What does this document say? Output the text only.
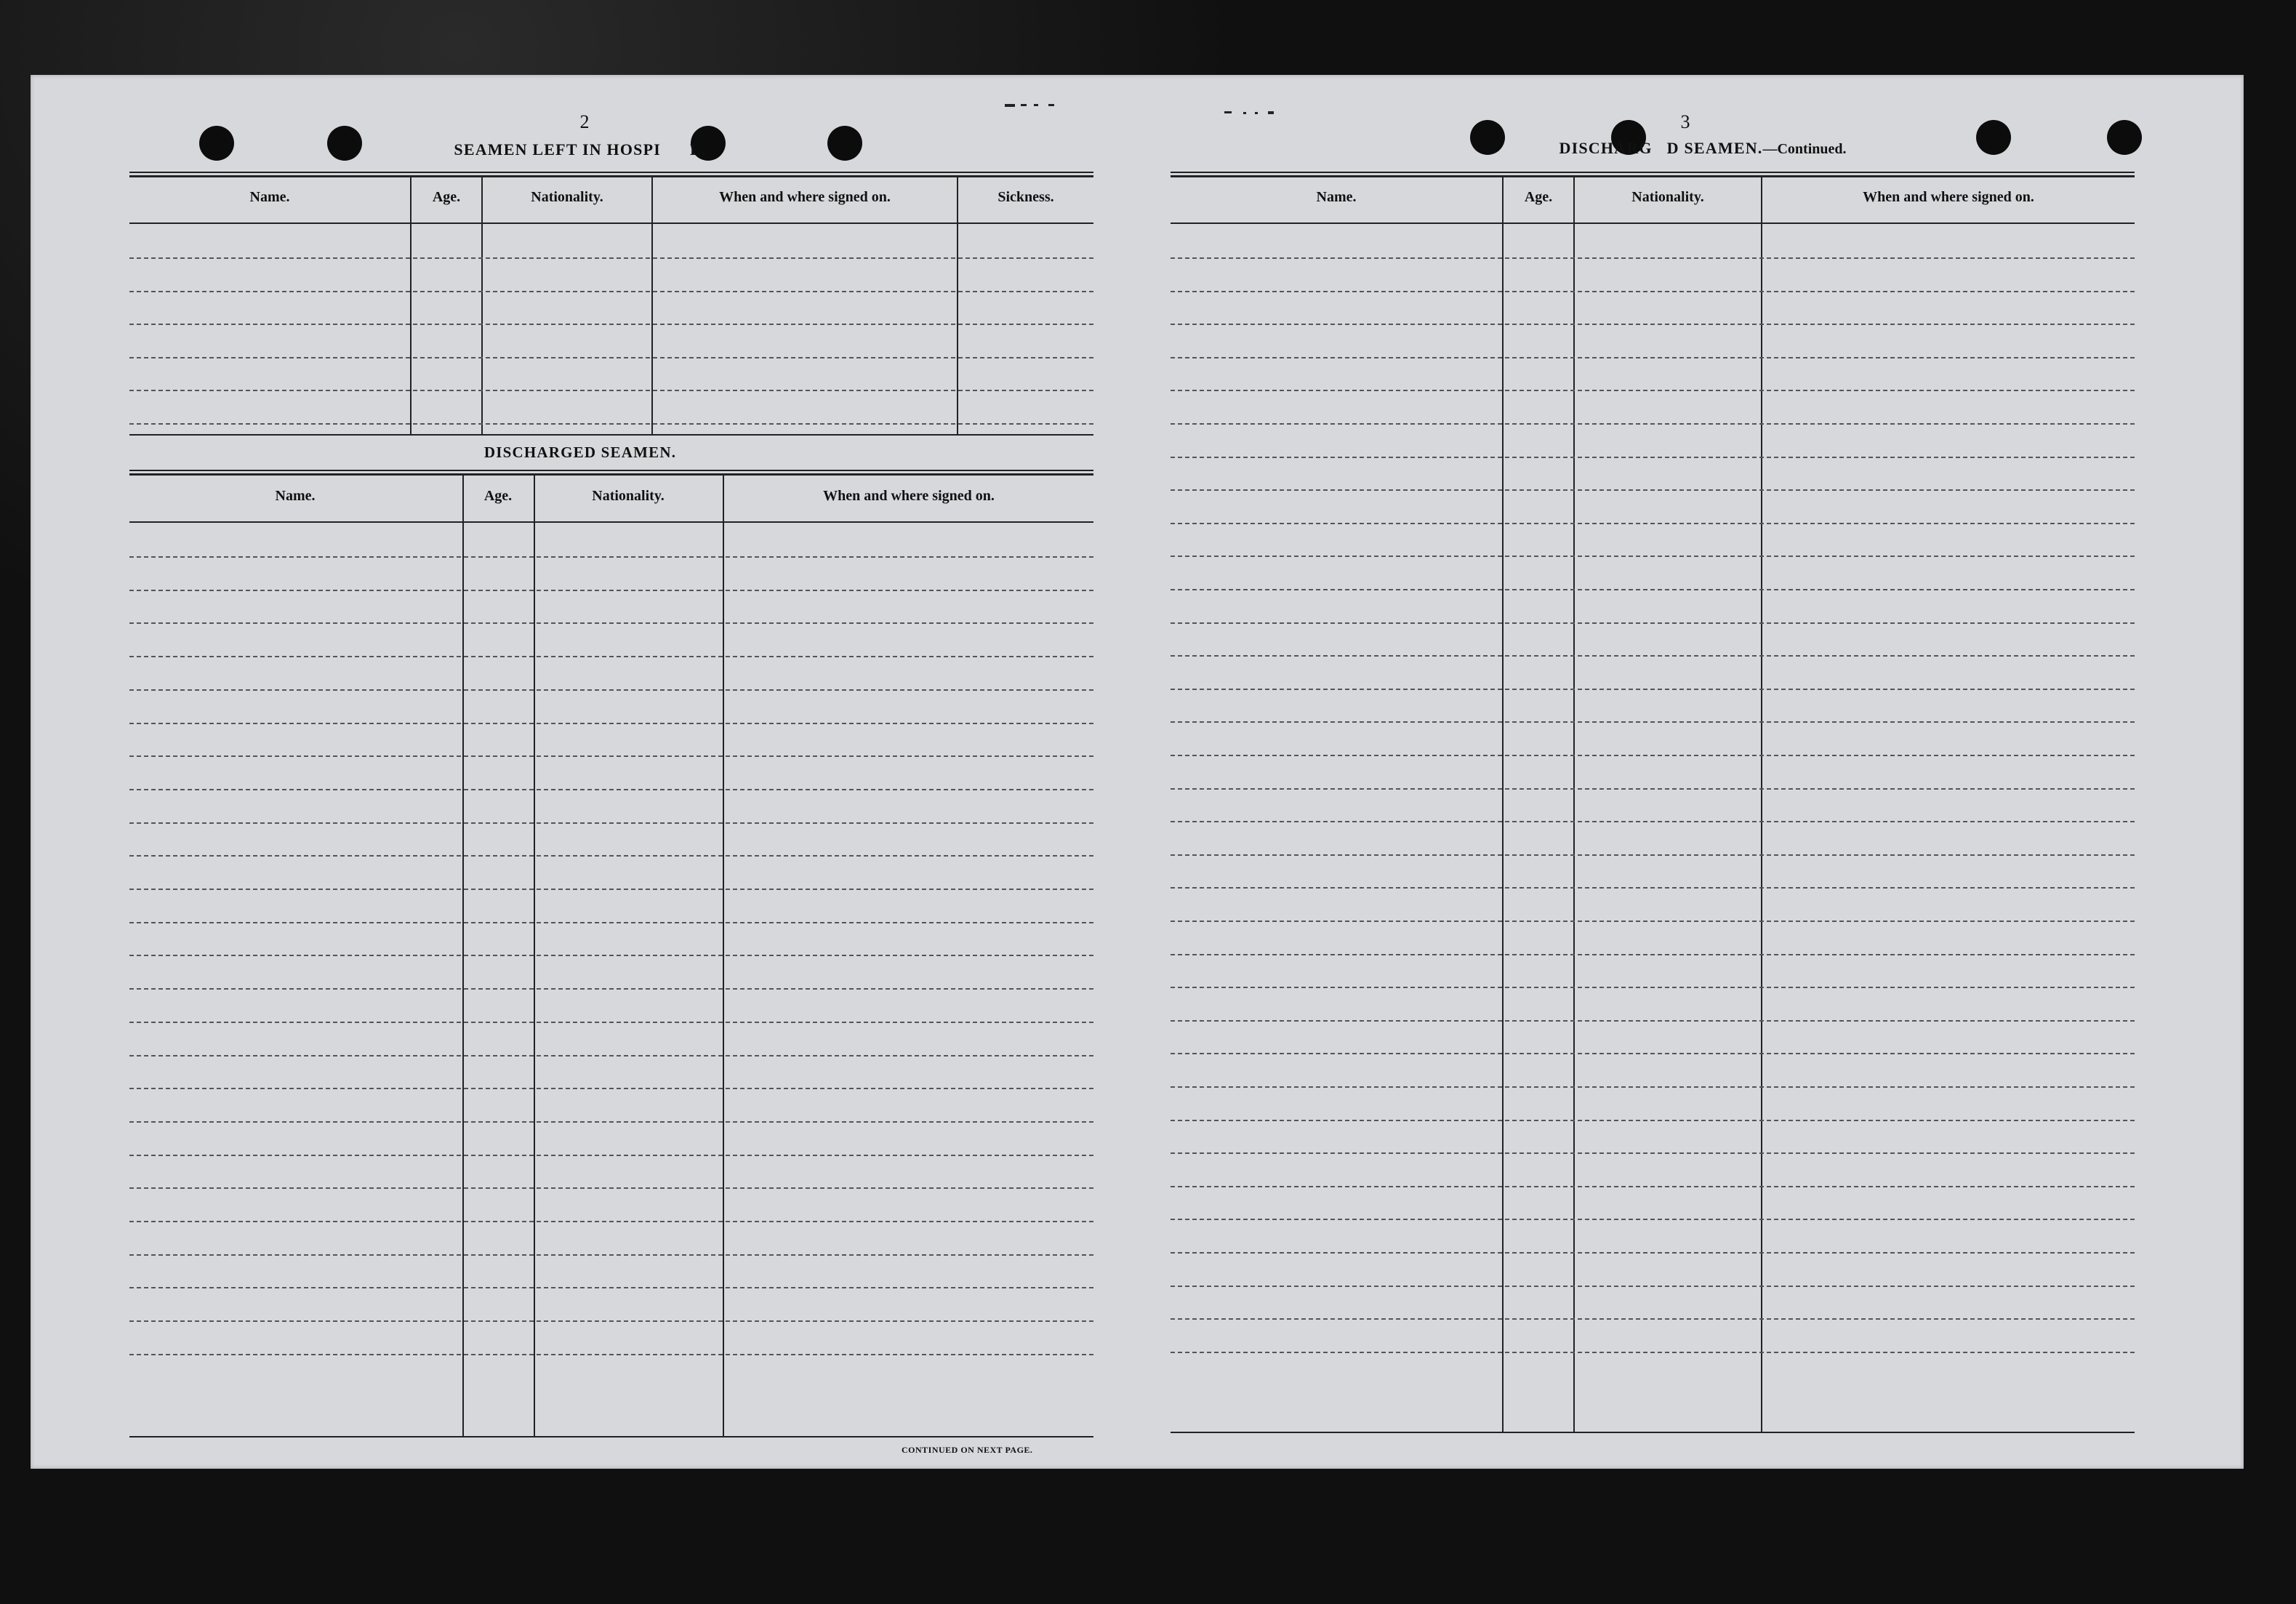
2
SEAMEN LEFT IN HOSPI L.
Name.	Age.	Nationality.	When and where signed on.	Sickness.
DISCHARGED SEAMEN.
Name.	Age.	Nationality.	When and where signed on.
CONTINUED ON NEXT PAGE.
3
DISCHARG D SEAMEN.—Continued.
Name.	Age.	Nationality.	When and where signed on.
